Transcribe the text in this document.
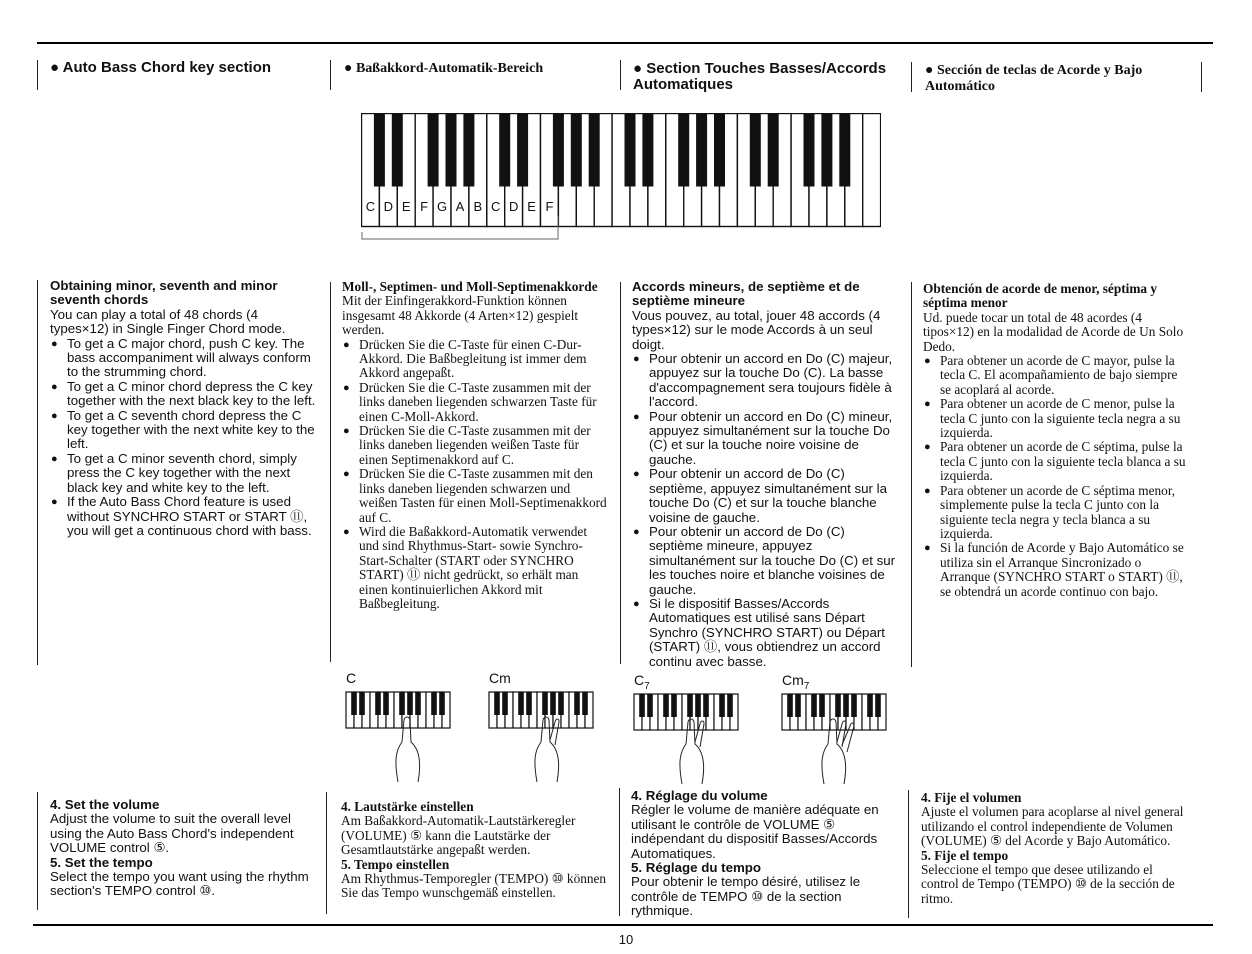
● Auto Bass Chord key section	● Baßakkord-Automatik-Bereich	● Section Touches Basses/Accords Automatiques
● Sección de teclas de Acorde y Bajo Automático
C D E F G A B C D E F
Obtaining minor, seventh and minor seventh chords

You can play a total of 48 chords (4 types×12) in Single Finger Chord mode.

● To get a C major chord, push C key. The bass accompaniment will always conform to the strumming chord.
● To get a C minor chord depress the C key together with the next black key to the left.
● To get a C seventh chord depress the C key together with the next white key to the left.
● To get a C minor seventh chord, simply press the C key together with the next black key and white key to the left.
● If the Auto Bass Chord feature is used without SYNCHRO START or START ⑪, you will get a continuous chord with bass.
Moll-, Septimen- und Moll-Septimenakkorde

Mit der Einfingerakkord-Funktion können insgesamt 48 Akkorde (4 Arten×12) gespielt werden.

● Drücken Sie die C-Taste für einen C-Dur-Akkord. Die Baßbegleitung ist immer dem Akkord angepaßt.
● Drücken Sie die C-Taste zusammen mit der links daneben liegenden schwarzen Taste für einen C-Moll-Akkord.
● Drücken Sie die C-Taste zusammen mit der links daneben liegenden weißen Taste für einen Septimenakkord auf C.
● Drücken Sie die C-Taste zusammen mit den links daneben liegenden schwarzen und weißen Tasten für einen Moll-Septimenakkord auf C.
● Wird die Baßakkord-Automatik verwendet und sind Rhythmus-Start- sowie Synchro-Start-Schalter (START oder SYNCHRO START) ⑪ nicht gedrückt, so erhält man einen kontinuierlichen Akkord mit Baßbegleitung.
Accords mineurs, de septième et de septième mineure

Vous pouvez, au total, jouer 48 accords (4 types×12) sur le mode Accords à un seul doigt.

● Pour obtenir un accord en Do (C) majeur, appuyez sur la touche Do (C). La basse d'accompagnement sera toujours fidèle à l'accord.
● Pour obtenir un accord en Do (C) mineur, appuyez simultanément sur la touche Do (C) et sur la touche noire voisine de gauche.
● Pour obtenir un accord de Do (C) septième, appuyez simultanément sur la touche Do (C) et sur la touche blanche voisine de gauche.
● Pour obtenir un accord de Do (C) septième mineure, appuyez simultanément sur la touche Do (C) et sur les touches noire et blanche voisines de gauche.
● Si le dispositif Basses/Accords Automatiques est utilisé sans Départ Synchro (SYNCHRO START) ou Départ (START) ⑪, vous obtiendrez un accord continu avec basse.
Obtención de acorde de menor, séptima y séptima menor

Ud. puede tocar un total de 48 acordes (4 tipos×12) en la modalidad de Acorde de Un Solo Dedo.

● Para obtener un acorde de C mayor, pulse la tecla C. El acompañamiento de bajo siempre se acoplará al acorde.
● Para obtener un acorde de C menor, pulse la tecla C junto con la siguiente tecla negra a su izquierda.
● Para obtener un acorde de C séptima, pulse la tecla C junto con la siguiente tecla blanca a su izquierda.
● Para obtener un acorde de C séptima menor, simplemente pulse la tecla C junto con la siguiente tecla negra y tecla blanca a su izquierda.
● Si la función de Acorde y Bajo Automático se utiliza sin el Arranque Sincronizado o Arranque (SYNCHRO START o START) ⑪, se obtendrá un acorde continuo con bajo.
C	Cm	$C_7$	$Cm_7$
4. Set the volume

Adjust the volume to suit the overall level using the Auto Bass Chord's independent VOLUME control ⑤.

5. Set the tempo

Select the tempo you want using the rhythm section's TEMPO control ⑩.

4. Lautstärke einstellen

Am Baßakkord-Automatik-Lautstärkeregler (VOLUME) ⑤ kann die Lautstärke der Gesamtlautstärke angepaßt werden.

5. Tempo einstellen

Am Rhythmus-Temporegler (TEMPO) ⑩ können Sie das Tempo wunschgemäß einstellen.

4. Réglage du volume

Régler le volume de manière adéquate en utilisant le contrôle de VOLUME ⑤ indépendant du dispositif Basses/Accords Automatiques.

5. Réglage du tempo

Pour obtenir le tempo désiré, utilisez le contrôle de TEMPO ⑩ de la section rythmique.

4. Fije el volumen

Ajuste el volumen para acoplarse al nivel general utilizando el control independiente de Volumen (VOLUME) ⑤ del Acorde y Bajo Automático.

5. Fije el tempo

Seleccione el tempo que desee utilizando el control de Tempo (TEMPO) ⑩ de la sección de ritmo.

10
